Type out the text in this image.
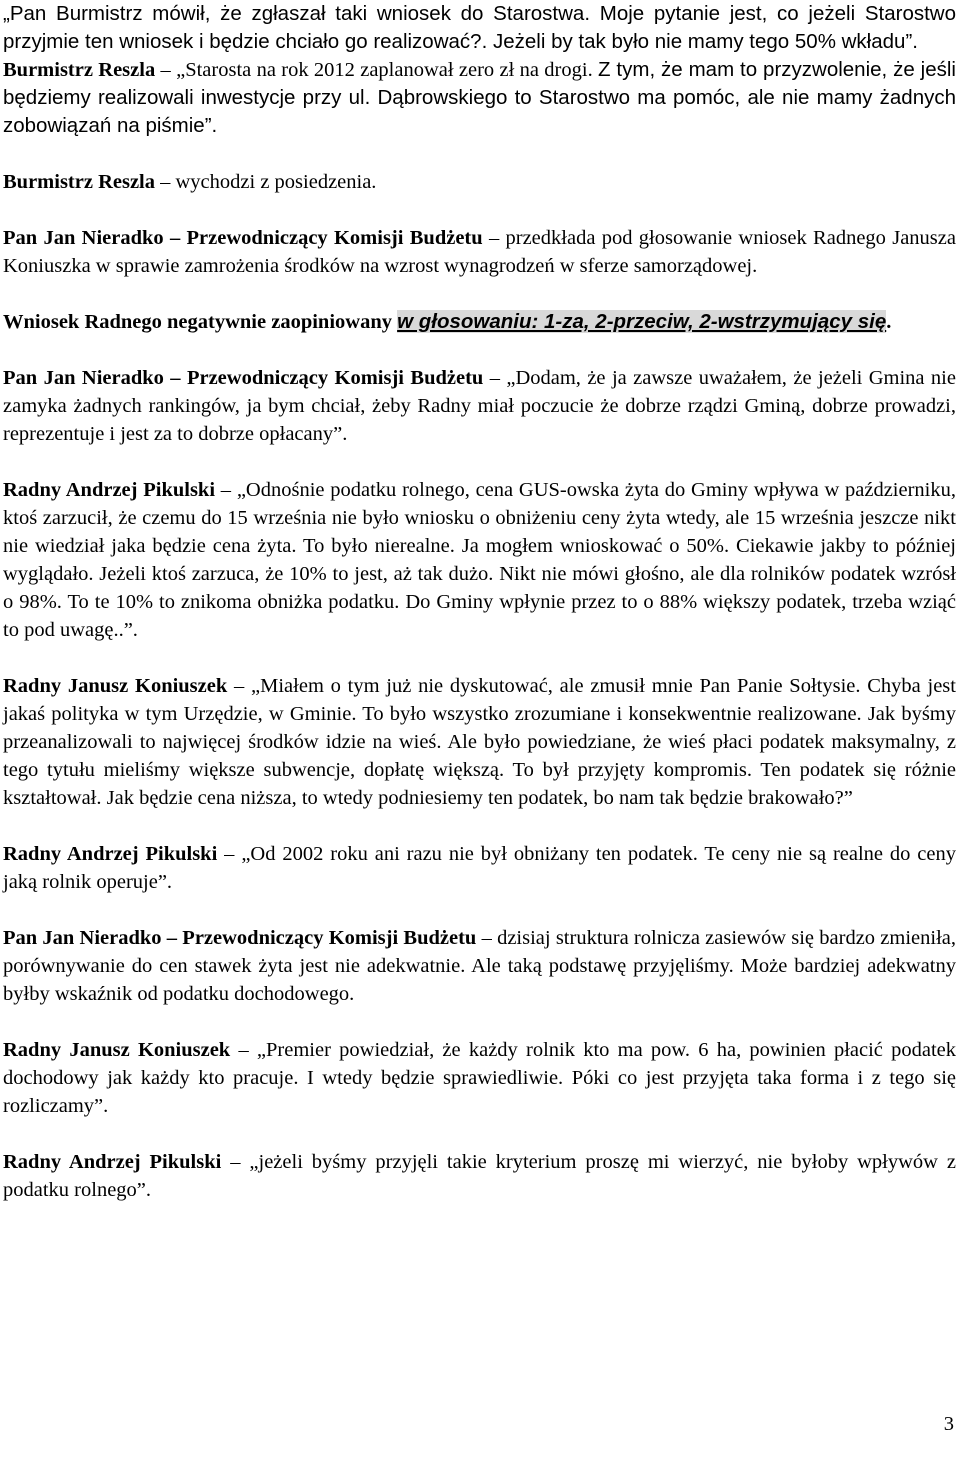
„Pan Burmistrz mówił, że zgłaszał taki wniosek do Starostwa. Moje pytanie jest, co jeżeli Starostwo przyjmie ten wniosek i będzie chciało go realizować?. Jeżeli by tak było nie mamy tego 50% wkładu”.

Burmistrz Reszla – „Starosta na rok 2012 zaplanował zero zł na drogi. Z tym, że mam to przyzwolenie, że jeśli będziemy realizowali inwestycje przy ul. Dąbrowskiego to Starostwo ma pomóc, ale nie mamy żadnych zobowiązań na piśmie”.

Burmistrz Reszla – wychodzi z posiedzenia.

Pan Jan Nieradko – Przewodniczący Komisji Budżetu – przedkłada pod głosowanie wniosek Radnego Janusza Koniuszka w sprawie zamrożenia środków na wzrost wynagrodzeń w sferze samorządowej.

Wniosek Radnego negatywnie zaopiniowany w głosowaniu: 1-za, 2-przeciw, 2-wstrzymujący się.

Pan Jan Nieradko – Przewodniczący Komisji Budżetu – „Dodam, że ja zawsze uważałem, że jeżeli Gmina nie zamyka żadnych rankingów, ja bym chciał, żeby Radny miał poczucie że dobrze rządzi Gminą, dobrze prowadzi, reprezentuje i jest za to dobrze opłacany”.

Radny Andrzej Pikulski – „Odnośnie podatku rolnego, cena GUS-owska żyta do Gminy wpływa w październiku, ktoś zarzucił, że czemu do 15 września nie było wniosku o obniżeniu ceny żyta wtedy, ale 15 września jeszcze nikt nie wiedział jaka będzie cena żyta. To było nierealne. Ja mogłem wnioskować o 50%. Ciekawie jakby to później wyglądało. Jeżeli ktoś zarzuca, że 10% to jest, aż tak dużo. Nikt nie mówi głośno, ale dla rolników podatek wzrósł o 98%. To te 10% to znikoma obniżka podatku. Do Gminy wpłynie przez to o 88% większy podatek, trzeba wziąć to pod uwagę..”.

Radny Janusz Koniuszek – „Miałem o tym już nie dyskutować, ale zmusił mnie Pan Panie Sołtysie. Chyba jest jakaś polityka w tym Urzędzie, w Gminie. To było wszystko zrozumiane i konsekwentnie realizowane. Jak byśmy przeanalizowali to najwięcej środków idzie na wieś. Ale było powiedziane, że wieś płaci podatek maksymalny, z tego tytułu mieliśmy większe subwencje, dopłatę większą. To był przyjęty kompromis. Ten podatek się różnie kształtował. Jak będzie cena niższa, to wtedy podniesiemy ten podatek, bo nam tak będzie brakowało?”

Radny Andrzej Pikulski – „Od 2002 roku ani razu nie był obniżany ten podatek. Te ceny nie są realne do ceny jaką rolnik operuje”.

Pan Jan Nieradko – Przewodniczący Komisji Budżetu – dzisiaj struktura rolnicza zasiewów się bardzo zmieniła, porównywanie do cen stawek żyta jest nie adekwatnie. Ale taką podstawę przyjęliśmy. Może bardziej adekwatny byłby wskaźnik od podatku dochodowego.

Radny Janusz Koniuszek – „Premier powiedział, że każdy rolnik kto ma pow. 6 ha, powinien płacić podatek dochodowy jak każdy kto pracuje. I wtedy będzie sprawiedliwie. Póki co jest przyjęta taka forma i z tego się rozliczamy”.

Radny Andrzej Pikulski – „jeżeli byśmy przyjęli takie kryterium proszę mi wierzyć, nie byłoby wpływów z podatku rolnego”.

3
